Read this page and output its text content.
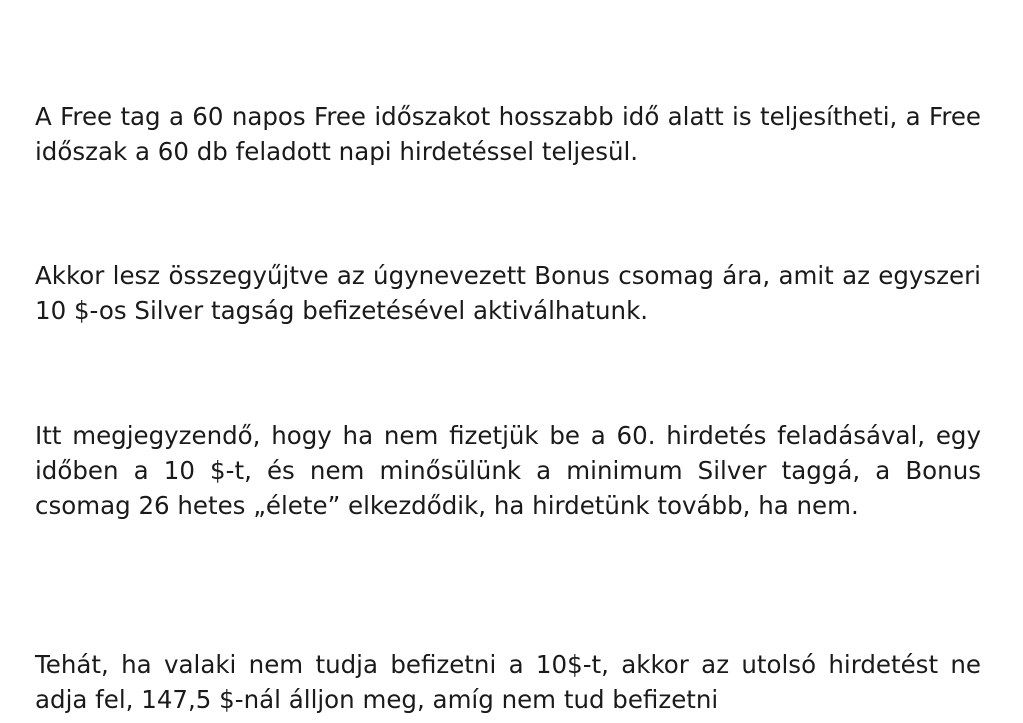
A Free tag a 60 napos Free időszakot hosszabb idő alatt is teljesítheti, a Free időszak a 60 db feladott napi hirdetéssel teljesül.

Akkor lesz összegyűjtve az úgynevezett Bonus csomag ára, amit az egyszeri 10 $-os Silver tagság befizetésével aktiválhatunk.

Itt megjegyzendő, hogy ha nem fizetjük be a 60. hirdetés feladásával, egy időben a 10 $-t, és nem minősülünk a minimum Silver taggá, a Bonus csomag 26 hetes „élete” elkezdődik, ha hirdetünk tovább, ha nem.

Tehát, ha valaki nem tudja befizetni a 10$-t, akkor az utolsó hirdetést ne adja fel, 147,5 $-nál álljon meg, amíg nem tud befizetni
